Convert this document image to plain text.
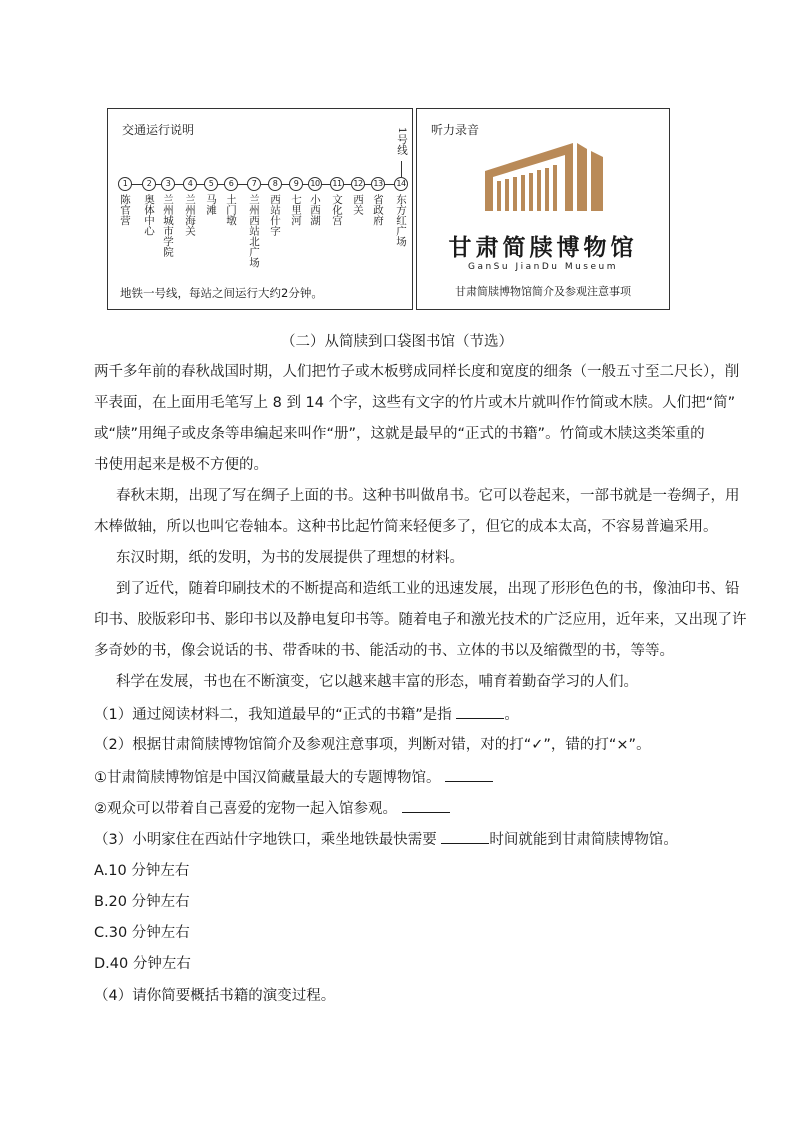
交通运行说明	1号线
1
陈官营
2
奥体中心
3
兰州城市学院
4
兰州海关
5
马滩
6
土门墩
7
兰州西站北广场
8
西站什字
9
七里河
10
小西湖
11
文化宫
12
西关
13
省政府
14
东方红广场
地铁一号线，每站之间运行大约2分钟。
听力录音
甘肃简牍博物馆
GanSu JianDu Museum
甘肃简牍博物馆简介及参观注意事项
（二）从简牍到口袋图书馆（节选）
两千多年前的春秋战国时期，人们把竹子或木板劈成同样长度和宽度的细条（一般五寸至二尺长），削
平表面，在上面用毛笔写上 8 到 14 个字，这些有文字的竹片或木片就叫作竹简或木牍。人们把“简”
或“牍”用绳子或皮条等串编起来叫作“册”，这就是最早的“正式的书籍”。竹简或木牍这类笨重的
书使用起来是极不方便的。
春秋末期，出现了写在绸子上面的书。这种书叫做帛书。它可以卷起来，一部书就是一卷绸子，用
木棒做轴，所以也叫它卷轴本。这种书比起竹简来轻便多了，但它的成本太高，不容易普遍采用。
东汉时期，纸的发明，为书的发展提供了理想的材料。
到了近代，随着印刷技术的不断提高和造纸工业的迅速发展，出现了形形色色的书，像油印书、铅
印书、胶版彩印书、影印书以及静电复印书等。随着电子和激光技术的广泛应用，近年来，又出现了许
多奇妙的书，像会说话的书、带香味的书、能活动的书、立体的书以及缩微型的书，等等。
科学在发展，书也在不断演变，它以越来越丰富的形态，哺育着勤奋学习的人们。
（1）通过阅读材料二，我知道最早的“正式的书籍”是指	。
（2）根据甘肃简牍博物馆简介及参观注意事项，判断对错，对的打“✓”，错的打“×”。
①甘肃简牍博物馆是中国汉简藏量最大的专题博物馆。
②观众可以带着自己喜爱的宠物一起入馆参观。
（3）小明家住在西站什字地铁口，乘坐地铁最快需要	时间就能到甘肃简牍博物馆。
A.10 分钟左右
B.20 分钟左右
C.30 分钟左右
D.40 分钟左右
（4）请你简要概括书籍的演变过程。
